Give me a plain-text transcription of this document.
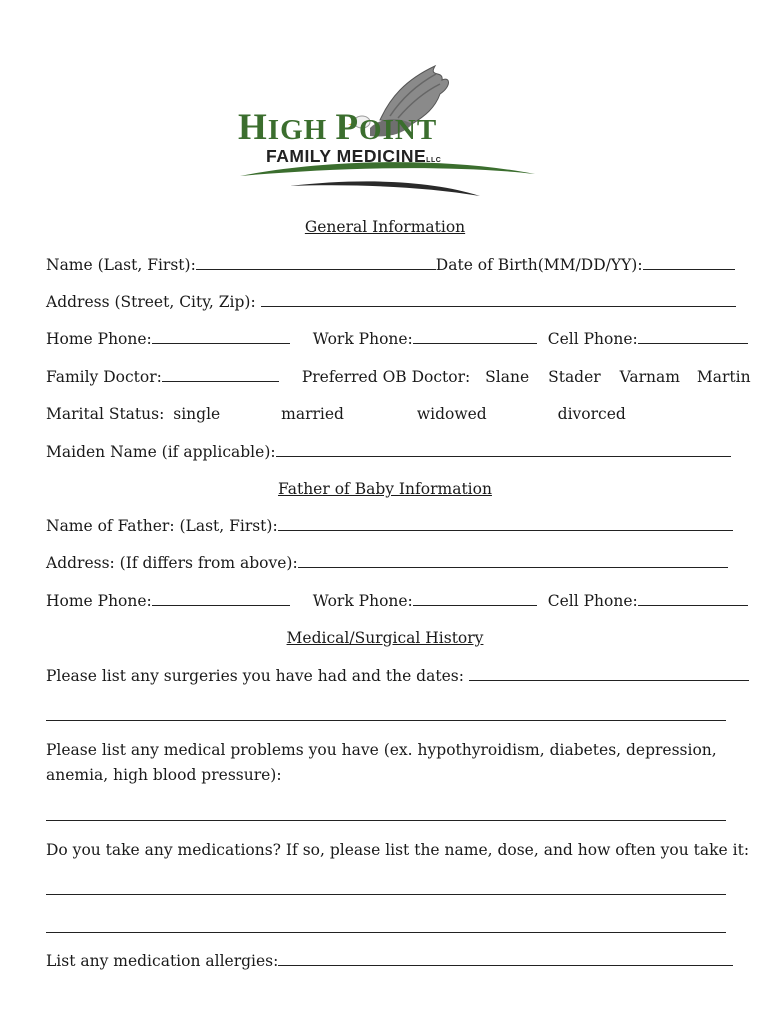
HIGH POINT
FAMILY MEDICINELLC
General Information
Name (Last, First):	Date of Birth(MM/DD/YY):
Address (Street, City, Zip):
Home Phone:	Work Phone:	Cell Phone:
Family Doctor:	Preferred OB Doctor: Slane Stader Varnam Martin
Marital Status: single	married	widowed	divorced
Maiden Name (if applicable):
Father of Baby Information
Name of Father: (Last, First):
Address: (If differs from above):
Home Phone:	Work Phone:	Cell Phone:
Medical/Surgical History
Please list any surgeries you have had and the dates:
Please list any medical problems you have (ex. hypothyroidism, diabetes, depression,
anemia, high blood pressure):
Do you take any medications? If so, please list the name, dose, and how often you take it:
List any medication allergies:
